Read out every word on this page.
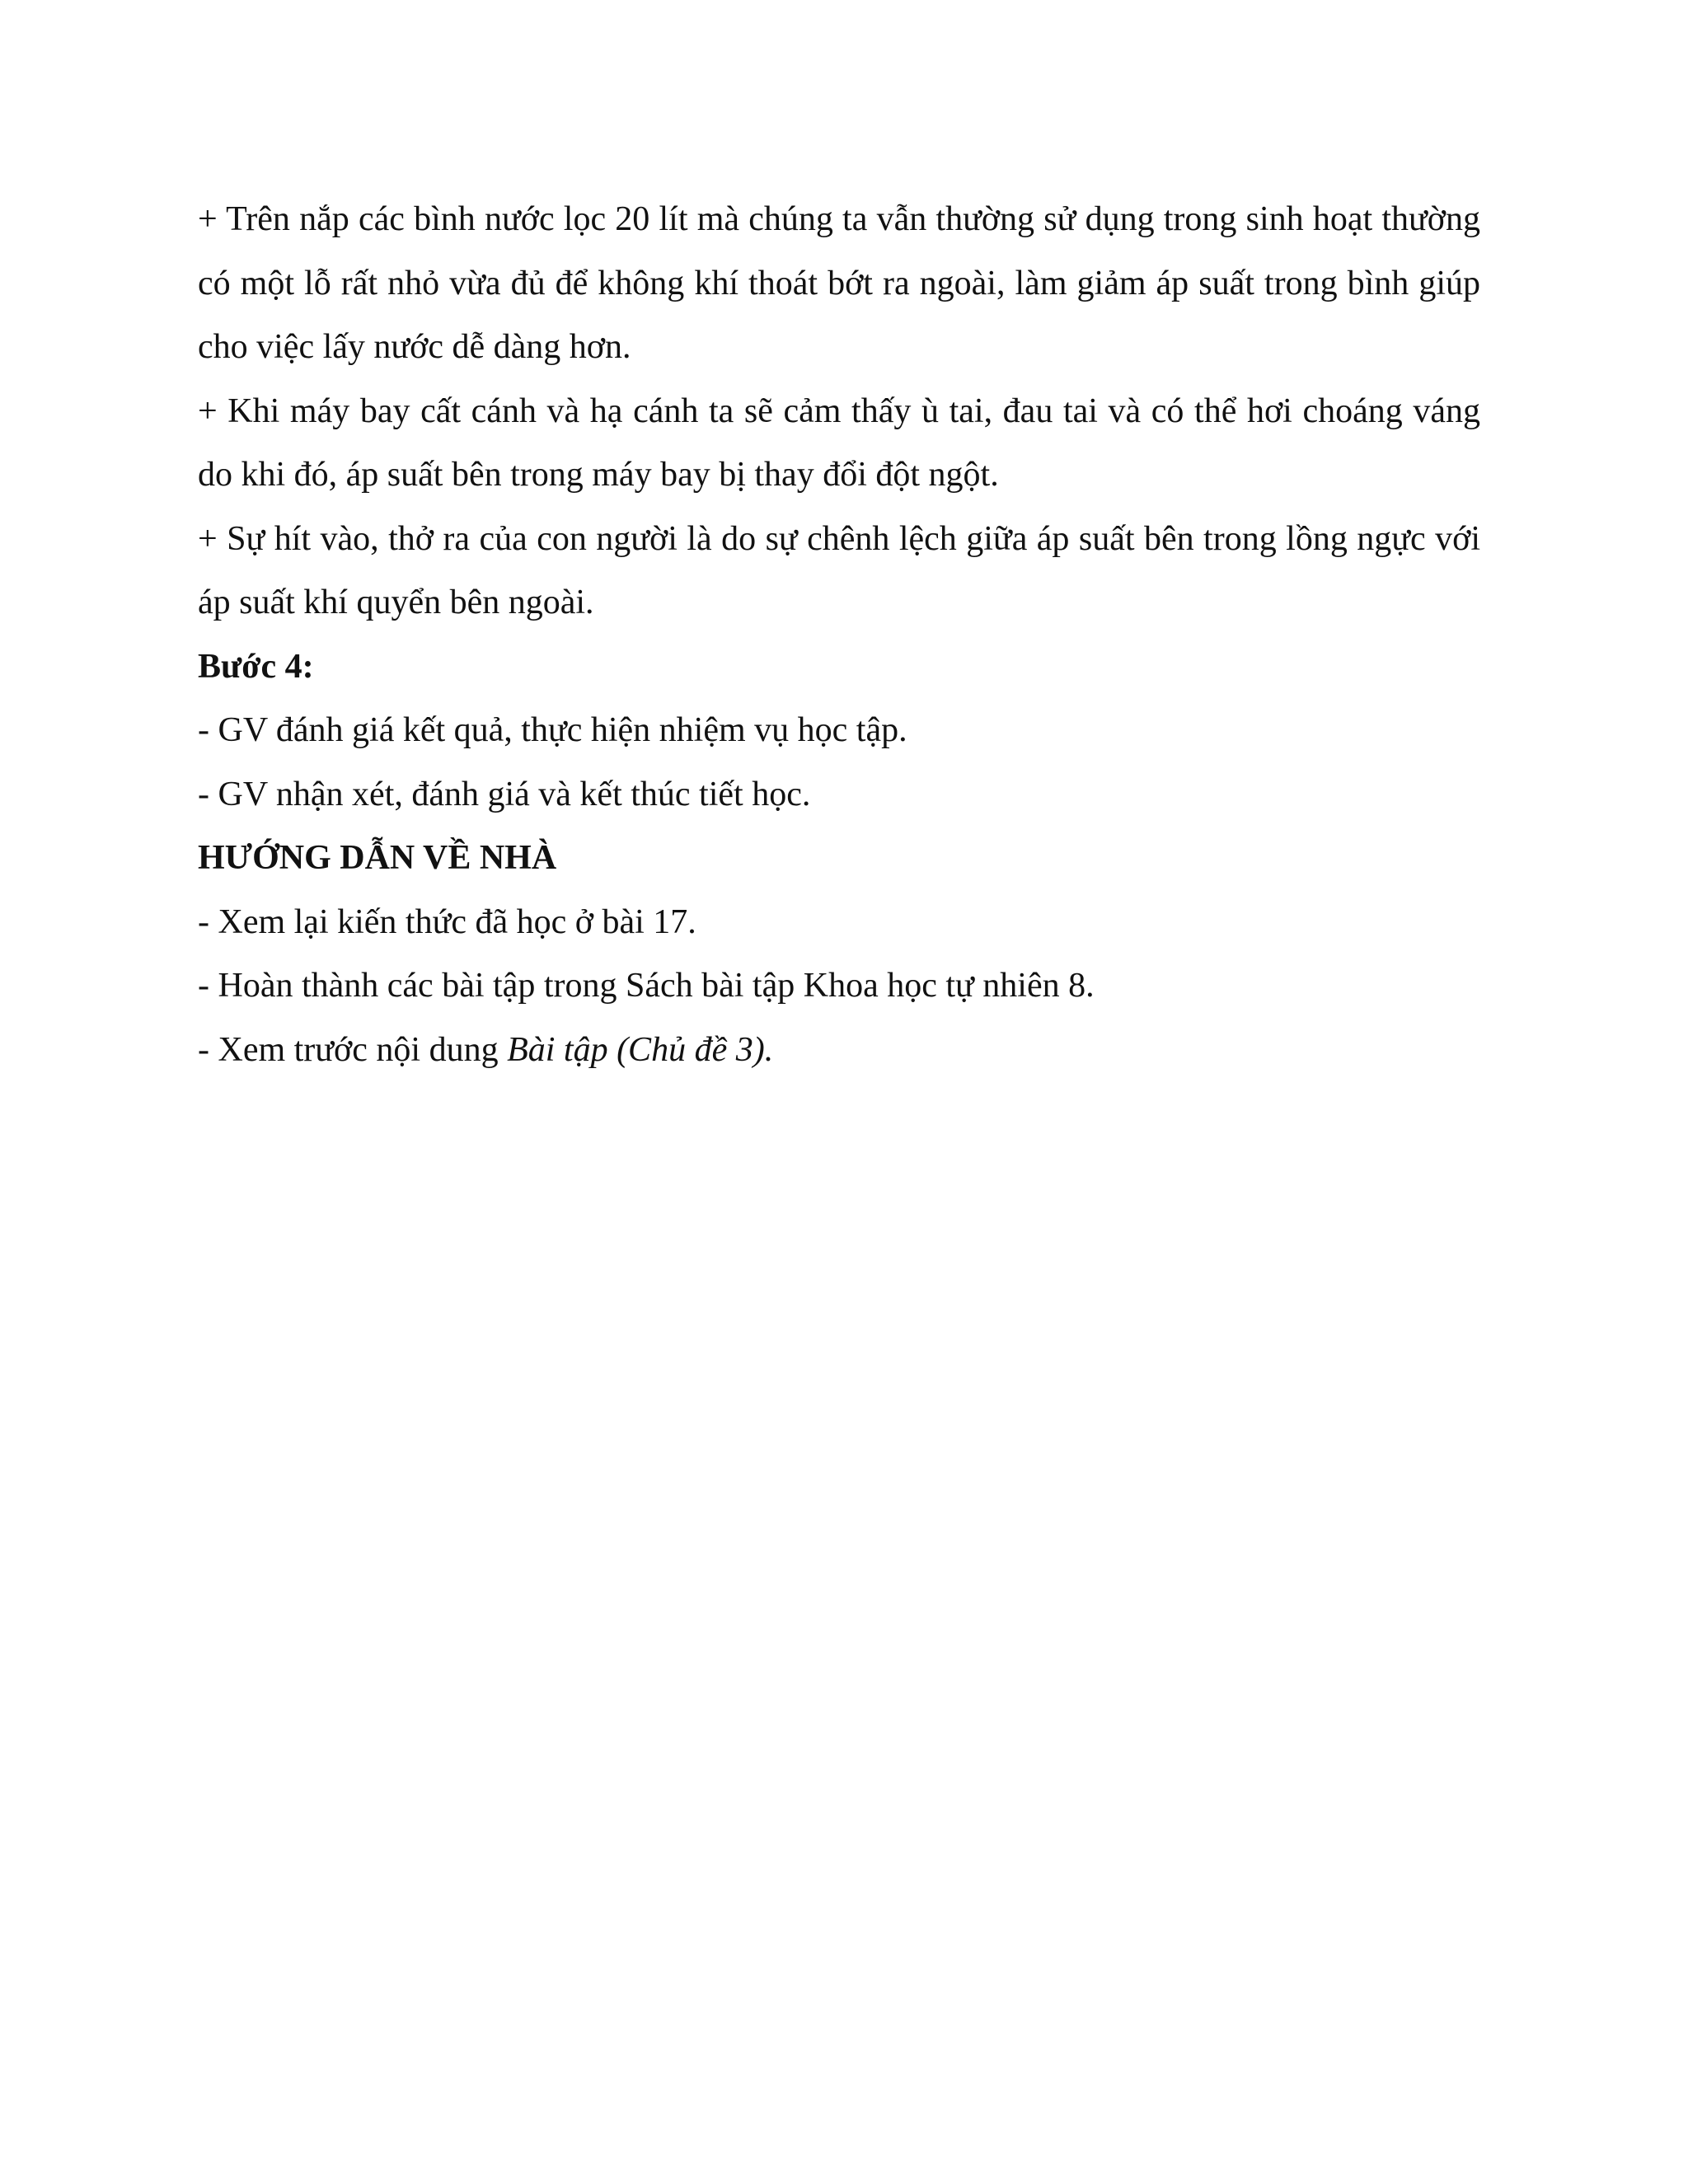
+ Trên nắp các bình nước lọc 20 lít mà chúng ta vẫn thường sử dụng trong sinh hoạt thường có một lỗ rất nhỏ vừa đủ để không khí thoát bớt ra ngoài, làm giảm áp suất trong bình giúp cho việc lấy nước dễ dàng hơn.

+ Khi máy bay cất cánh và hạ cánh ta sẽ cảm thấy ù tai, đau tai và có thể hơi choáng váng do khi đó, áp suất bên trong máy bay bị thay đổi đột ngột.

+ Sự hít vào, thở ra của con người là do sự chênh lệch giữa áp suất bên trong lồng ngực với áp suất khí quyển bên ngoài.

Bước 4:

- GV đánh giá kết quả, thực hiện nhiệm vụ học tập.

- GV nhận xét, đánh giá và kết thúc tiết học.

HƯỚNG DẪN VỀ NHÀ

- Xem lại kiến thức đã học ở bài 17.

- Hoàn thành các bài tập trong Sách bài tập Khoa học tự nhiên 8.

- Xem trước nội dung Bài tập (Chủ đề 3).
